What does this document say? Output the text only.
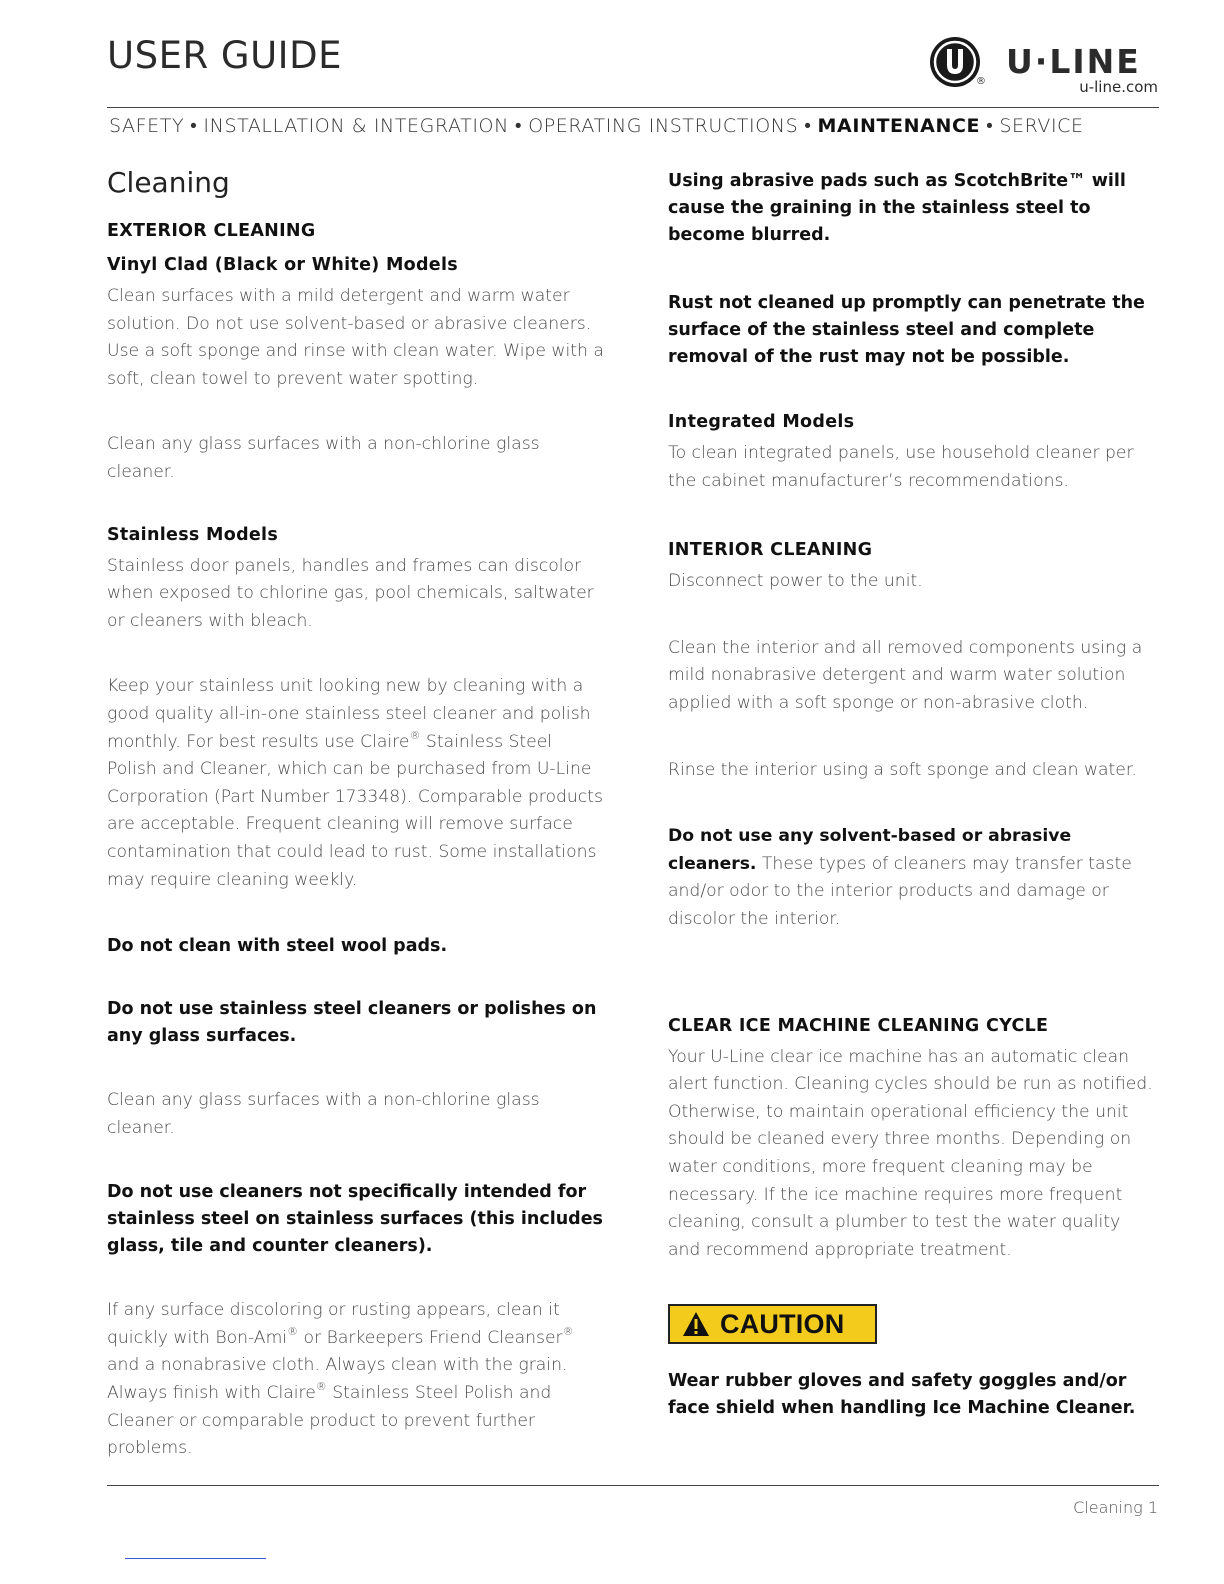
USER GUIDE
®
U·LINE
u-line.com
SAFETY • INSTALLATION & INTEGRATION • OPERATING INSTRUCTIONS • MAINTENANCE • SERVICE
Cleaning

EXTERIOR CLEANING

Vinyl Clad (Black or White) Models

Clean surfaces with a mild detergent and warm water solution. Do not use solvent-based or abrasive cleaners. Use a soft sponge and rinse with clean water. Wipe with a soft, clean towel to prevent water spotting.

Clean any glass surfaces with a non-chlorine glass cleaner.

Stainless Models

Stainless door panels, handles and frames can discolor when exposed to chlorine gas, pool chemicals, saltwater or cleaners with bleach.

Keep your stainless unit looking new by cleaning with a good quality all-in-one stainless steel cleaner and polish monthly. For best results use Claire® Stainless Steel Polish and Cleaner, which can be purchased from U-Line Corporation (Part Number 173348). Comparable products are acceptable. Frequent cleaning will remove surface contamination that could lead to rust. Some installations may require cleaning weekly.

Do not clean with steel wool pads.

Do not use stainless steel cleaners or polishes on any glass surfaces.

Clean any glass surfaces with a non-chlorine glass cleaner.

Do not use cleaners not specifically intended for stainless steel on stainless surfaces (this includes glass, tile and counter cleaners).

If any surface discoloring or rusting appears, clean it quickly with Bon-Ami® or Barkeepers Friend Cleanser® and a nonabrasive cloth. Always clean with the grain. Always finish with Claire® Stainless Steel Polish and Cleaner or comparable product to prevent further problems.

Using abrasive pads such as ScotchBrite™ will cause the graining in the stainless steel to become blurred.

Rust not cleaned up promptly can penetrate the surface of the stainless steel and complete removal of the rust may not be possible.

Integrated Models

To clean integrated panels, use household cleaner per the cabinet manufacturer’s recommendations.

INTERIOR CLEANING

Disconnect power to the unit.

Clean the interior and all removed components using a mild nonabrasive detergent and warm water solution applied with a soft sponge or non-abrasive cloth.

Rinse the interior using a soft sponge and clean water.

Do not use any solvent-based or abrasive cleaners. These types of cleaners may transfer taste and/or odor to the interior products and damage or discolor the interior.

CLEAR ICE MACHINE CLEANING CYCLE

Your U-Line clear ice machine has an automatic clean alert function. Cleaning cycles should be run as notified. Otherwise, to maintain operational efficiency the unit should be cleaned every three months. Depending on water conditions, more frequent cleaning may be necessary. If the ice machine requires more frequent cleaning, consult a plumber to test the water quality and recommend appropriate treatment.

CAUTION

Wear rubber gloves and safety goggles and/or face shield when handling Ice Machine Cleaner.

Cleaning 1
